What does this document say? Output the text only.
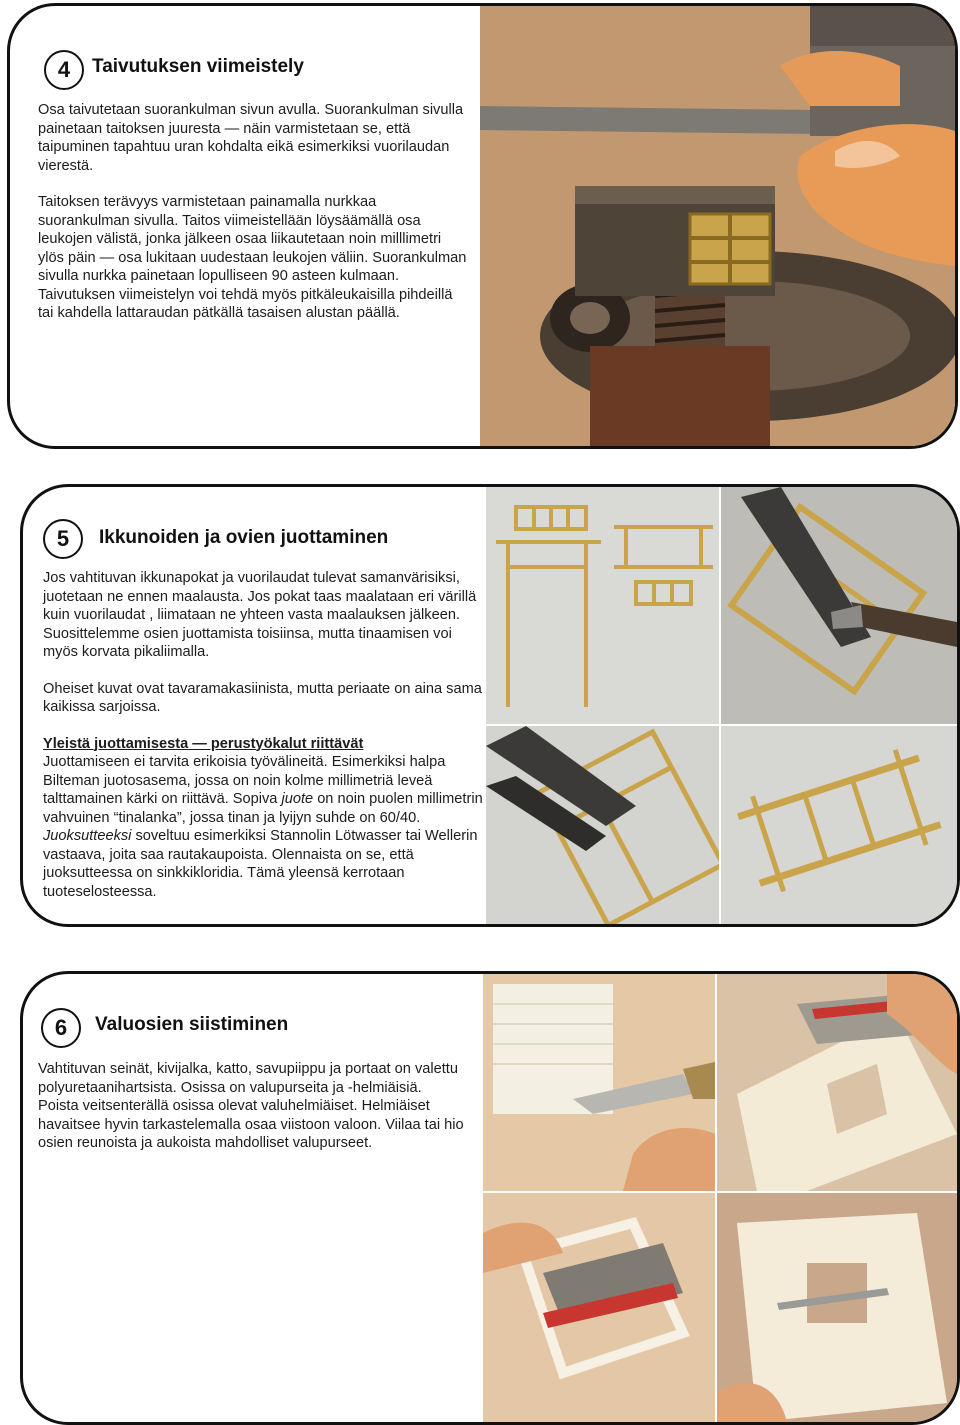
4	Taivutuksen viimeistely

Osa taivutetaan suorankulman sivun avulla. Suorankulman sivulla painetaan taitoksen juuresta — näin varmistetaan se, että taipuminen tapahtuu uran kohdalta eikä esimerkiksi vuorilaudan vierestä.

Taitoksen terävyys varmistetaan painamalla nurkkaa suorankulman sivulla. Taitos viimeistellään löysäämällä osa leukojen välistä, jonka jälkeen osaa liikautetaan noin milllimetri ylös päin — osa lukitaan uudestaan leukojen väliin. Suorankulman sivulla nurkka painetaan lopulliseen 90 asteen kulmaan. Taivutuksen viimeistelyn voi tehdä myös pitkäleukaisilla pihdeillä tai kahdella lattaraudan pätkällä tasaisen alustan päällä.

5	Ikkunoiden ja ovien juottaminen

Jos vahtituvan ikkunapokat ja vuorilaudat tulevat samanvärisiksi, juotetaan ne ennen maalausta. Jos pokat taas maalataan eri värillä kuin vuorilaudat , liimataan ne yhteen vasta maalauksen jälkeen.

Suosittelemme osien juottamista toisiinsa, mutta tinaamisen voi myös korvata pikaliimalla.

Oheiset kuvat ovat tavaramakasiinista, mutta periaate on aina sama kaikissa sarjoissa.

Yleistä juottamisesta — perustyökalut riittävät

Juottamiseen ei tarvita erikoisia työvälineitä. Esimerkiksi halpa Bilteman juotosasema, jossa on noin kolme millimetriä leveä talttamainen kärki on riittävä. Sopiva juote on noin puolen millimetrin vahvuinen “tinalanka”, jossa tinan ja lyijyn suhde on 60/40. Juoksutteeksi soveltuu esimerkiksi Stannolin Lötwasser tai Wellerin vastaava, joita saa rautakaupoista. Olennaista on se, että juoksutteessa on sinkkikloridia. Tämä yleensä kerrotaan tuoteselosteessa.

6	Valuosien siistiminen

Vahtituvan seinät, kivijalka, katto, savupiippu ja portaat on valettu polyuretaanihartsista. Osissa on valupurseita ja -helmiäisiä.

Poista veitsenterällä osissa olevat valuhelmiäiset. Helmiäiset havaitsee hyvin tarkastelemalla osaa viistoon valoon. Viilaa tai hio osien reunoista ja aukoista mahdolliset valupurseet.
